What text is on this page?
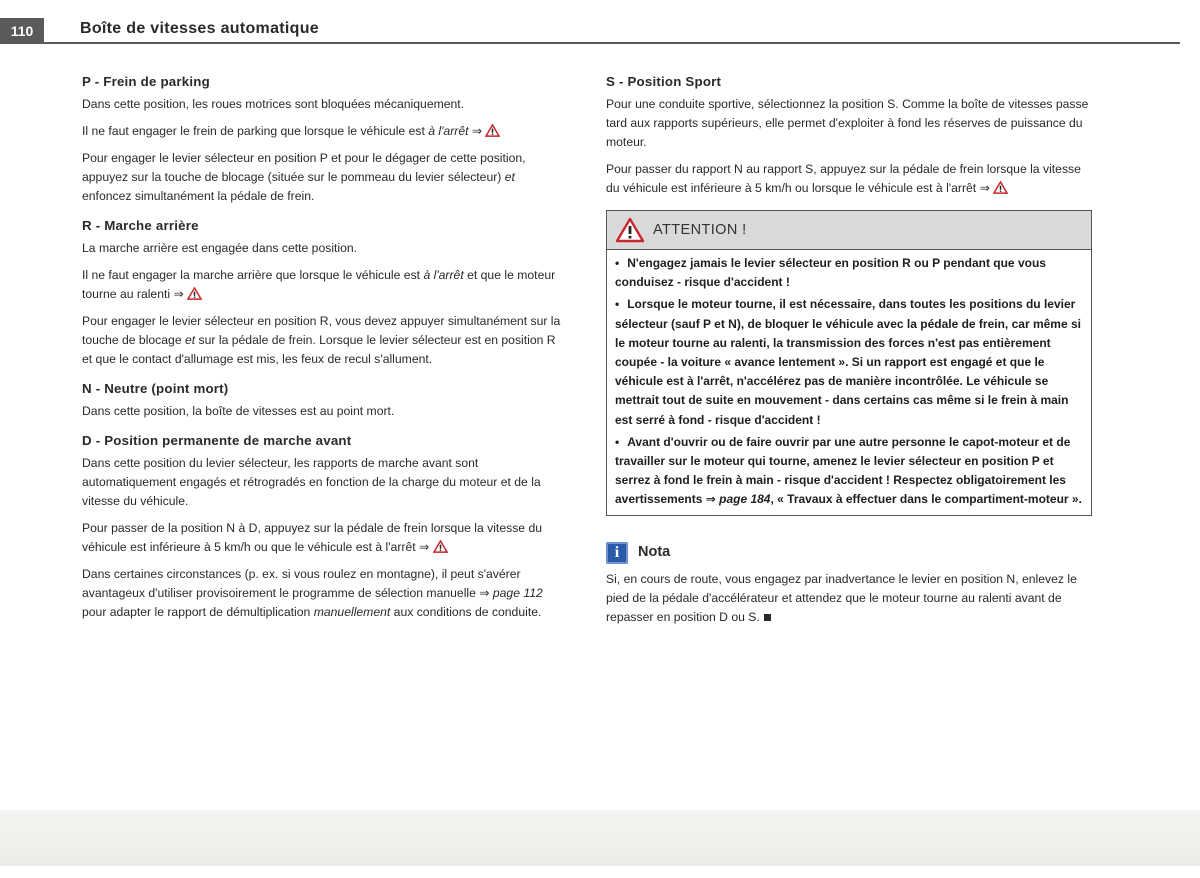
110	Boîte de vitesses automatique
P - Frein de parking

Dans cette position, les roues motrices sont bloquées mécaniquement.

Il ne faut engager le frein de parking que lorsque le véhicule est à l'arrêt ⇒

Pour engager le levier sélecteur en position P et pour le dégager de cette position, appuyez sur la touche de blocage (située sur le pommeau du levier sélecteur) et enfoncez simultanément la pédale de frein.

R - Marche arrière

La marche arrière est engagée dans cette position.

Il ne faut engager la marche arrière que lorsque le véhicule est à l'arrêt et que le moteur tourne au ralenti ⇒

Pour engager le levier sélecteur en position R, vous devez appuyer simultanément sur la touche de blocage et sur la pédale de frein. Lorsque le levier sélecteur est en position R et que le contact d'allumage est mis, les feux de recul s'allument.

N - Neutre (point mort)

Dans cette position, la boîte de vitesses est au point mort.

D - Position permanente de marche avant

Dans cette position du levier sélecteur, les rapports de marche avant sont automatiquement engagés et rétrogradés en fonction de la charge du moteur et de la vitesse du véhicule.

Pour passer de la position N à D, appuyez sur la pédale de frein lorsque la vitesse du véhicule est inférieure à 5 km/h ou que le véhicule est à l'arrêt ⇒

Dans certaines circonstances (p. ex. si vous roulez en montagne), il peut s'avérer avantageux d'utiliser provisoirement le programme de sélection manuelle ⇒ page 112 pour adapter le rapport de démultiplication manuellement aux conditions de conduite.

S - Position Sport

Pour une conduite sportive, sélectionnez la position S. Comme la boîte de vitesses passe tard aux rapports supérieurs, elle permet d'exploiter à fond les réserves de puissance du moteur.

Pour passer du rapport N au rapport S, appuyez sur la pédale de frein lorsque la vitesse du véhicule est inférieure à 5 km/h ou lorsque le véhicule est à l'arrêt ⇒

ATTENTION !

• N'engagez jamais le levier sélecteur en position R ou P pendant que vous conduisez - risque d'accident !

• Lorsque le moteur tourne, il est nécessaire, dans toutes les positions du levier sélecteur (sauf P et N), de bloquer le véhicule avec la pédale de frein, car même si le moteur tourne au ralenti, la transmission des forces n'est pas entièrement coupée - la voiture « avance lentement ». Si un rapport est engagé et que le véhicule est à l'arrêt, n'accélérez pas de manière incontrôlée. Le véhicule se mettrait tout de suite en mouvement - dans certains cas même si le frein à main est serré à fond - risque d'accident !

• Avant d'ouvrir ou de faire ouvrir par une autre personne le capot-moteur et de travailler sur le moteur qui tourne, amenez le levier sélecteur en position P et serrez à fond le frein à main - risque d'accident ! Respectez obligatoirement les avertissements ⇒ page 184, « Travaux à effectuer dans le compartiment-moteur ».

i	Nota

Si, en cours de route, vous engagez par inadvertance le levier en position N, enlevez le pied de la pédale d'accélérateur et attendez que le moteur tourne au ralenti avant de repasser en position D ou S.
